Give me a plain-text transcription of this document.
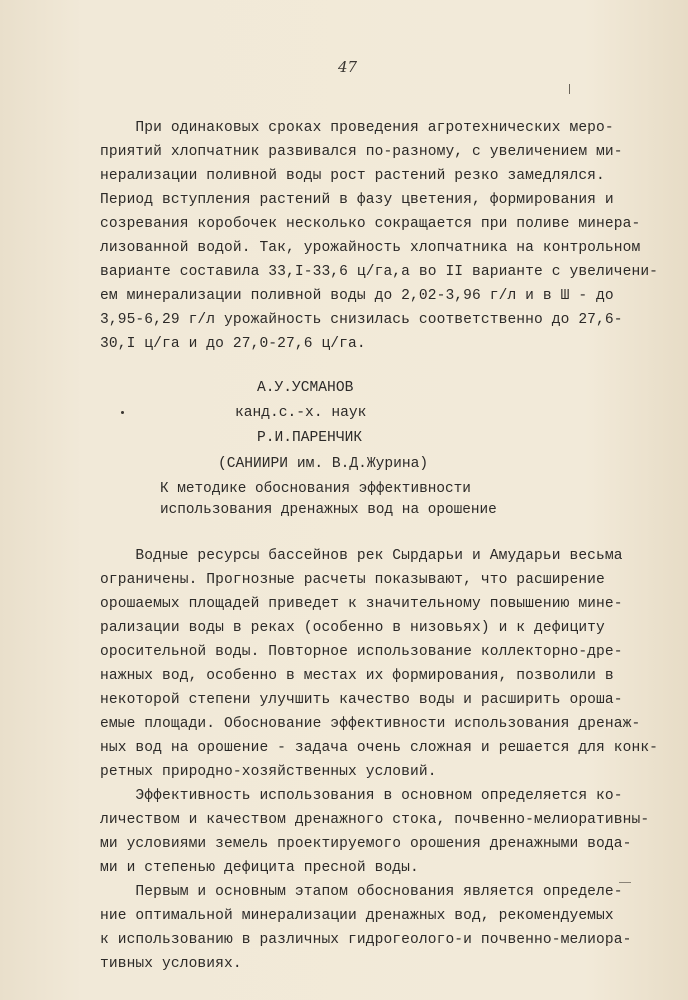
47
При одинаковых сроках проведения агротехнических меро-
приятий хлопчатник развивался по-разному, с увеличением ми-
нерализации поливной воды рост растений резко замедлялся.
Период вступления растений в фазу цветения, формирования и
созревания коробочек несколько сокращается при поливе минера-
лизованной водой. Так, урожайность хлопчатника на контрольном
варианте составила 33,I-33,6 ц/га,а во II варианте с увеличени-
ем минерализации поливной воды до 2,02-3,96 г/л и в Ш - до
3,95-6,29 г/л урожайность снизилась соответственно до 27,6-
30,I ц/га и до 27,0-27,6 ц/га.
А.У.УСМАНОВ
канд.с.-х. наук
Р.И.ПАРЕНЧИК
(САНИИРИ им. В.Д.Журина)
К методике обоснования эффективности
использования дренажных вод на орошение
Водные ресурсы бассейнов рек Сырдарьи и Амударьи весьма
ограничены. Прогнозные расчеты показывают, что расширение
орошаемых площадей приведет к значительному повышению мине-
рализации воды в реках (особенно в низовьях) и к дефициту
оросительной воды. Повторное использование коллекторно-дре-
нажных вод, особенно в местах их формирования, позволили в
некоторой степени улучшить качество воды и расширить ороша-
емые площади. Обоснование эффективности использования дренаж-
ных вод на орошение - задача очень сложная и решается для конк-
ретных природно-хозяйственных условий.
Эффективность использования в основном определяется ко-
личеством и качеством дренажного стока, почвенно-мелиоративны-
ми условиями земель проектируемого орошения дренажными вода-
ми и степенью дефицита пресной воды.
Первым и основным этапом обоснования является определе-
ние оптимальной минерализации дренажных вод, рекомендуемых
к использованию в различных гидрогеолого-и почвенно-мелиора-
тивных условиях.
